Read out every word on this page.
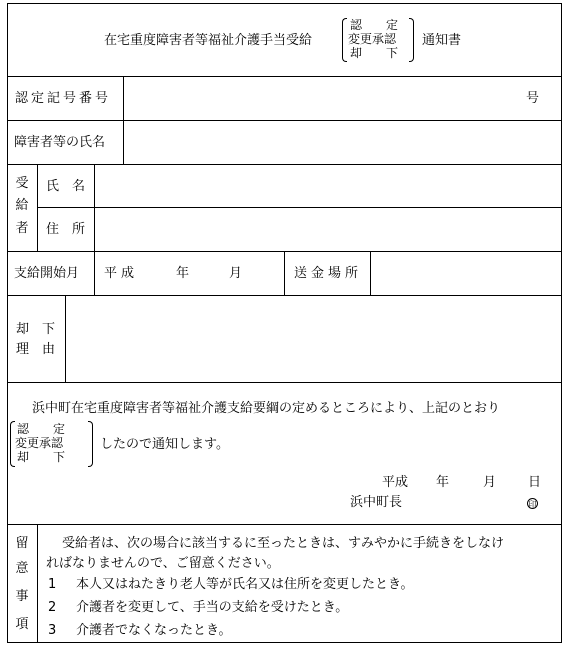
在宅重度障害者等福祉介護手当受給
認　　定
変更承認
却　　下
通知書
認定記号番号	号
障害者等の氏名
受
給
者
氏　名
住　所
支給開始月 平成	年	月	送金場所
却　下
理　由
浜中町在宅重度障害者等福祉介護支給要綱の定めるところにより、上記のとおり
認　　定
変更承認
却　　下
したので通知します。
平成 年	月 日
浜中町長	印
留
意
事
項
受給者は、次の場合に該当するに至ったときは、すみやかに手続きをしなけ
ればなりませんので、ご留意ください。
1 本人又はねたきり老人等が氏名又は住所を変更したとき。
2 介護者を変更して、手当の支給を受けたとき。
3 介護者でなくなったとき。
